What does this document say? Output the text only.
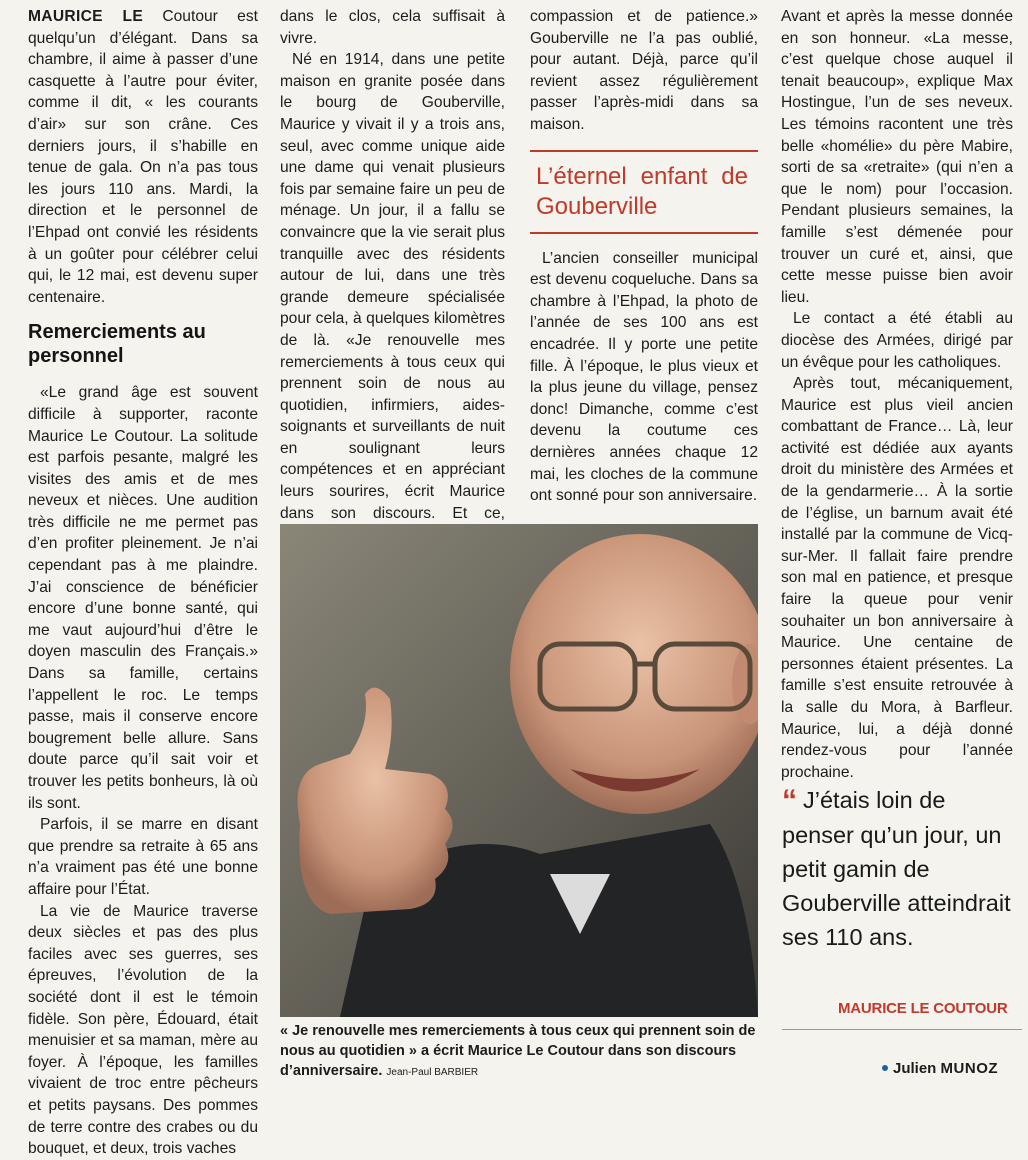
MAURICE LE Coutour est quelqu’un d’élégant. Dans sa chambre, il aime à passer d’une casquette à l’autre pour éviter, comme il dit, « les courants d’air» sur son crâne. Ces derniers jours, il s’habille en tenue de gala. On n’a pas tous les jours 110 ans. Mardi, la direction et le personnel de l’Ehpad ont convié les résidents à un goûter pour célébrer celui qui, le 12 mai, est devenu super centenaire.

Remerciements au personnel

«Le grand âge est souvent difficile à supporter, raconte Maurice Le Coutour. La solitude est parfois pesante, malgré les visites des amis et de mes neveux et nièces. Une audition très difficile ne me permet pas d’en profiter pleinement. Je n’ai cependant pas à me plaindre. J’ai conscience de bénéficier encore d’une bonne santé, qui me vaut aujourd’hui d’être le doyen masculin des Français.» Dans sa famille, certains l’appellent le roc. Le temps passe, mais il conserve encore bougrement belle allure. Sans doute parce qu’il sait voir et trouver les petits bonheurs, là où ils sont.

Parfois, il se marre en disant que prendre sa retraite à 65 ans n’a vraiment pas été une bonne affaire pour l’État.

La vie de Maurice traverse deux siècles et pas des plus faciles avec ses guerres, ses épreuves, l’évolution de la société dont il est le témoin fidèle. Son père, Édouard, était menuisier et sa maman, mère au foyer. À l’époque, les familles vivaient de troc entre pêcheurs et petits paysans. Des pommes de terre contre des crabes ou du bouquet, et deux, trois vaches

dans le clos, cela suffisait à vivre.

Né en 1914, dans une petite maison en granite posée dans le bourg de Gouberville, Maurice y vivait il y a trois ans, seul, avec comme unique aide une dame qui venait plusieurs fois par semaine faire un peu de ménage. Un jour, il a fallu se convaincre que la vie serait plus tranquille avec des résidents autour de lui, dans une très grande demeure spécialisée pour cela, à quelques kilomètres de là. «Je renouvelle mes remerciements à tous ceux qui prennent soin de nous au quotidien, infirmiers, aides-soignants et surveillants de nuit en soulignant leurs compétences et en appréciant leurs sourires, écrit Maurice dans son discours. Et ce,

compassion et de patience.» Gouberville ne l’a pas oublié, pour autant. Déjà, parce qu’il revient assez régulièrement passer l’après-midi dans sa maison.

L’éternel enfant de Gouberville

L’ancien conseiller municipal est devenu coqueluche. Dans sa chambre à l’Ehpad, la photo de l’année de ses 100 ans est encadrée. Il y porte une petite fille. À l’époque, le plus vieux et la plus jeune du village, pensez donc! Dimanche, comme c’est devenu la coutume ces dernières années chaque 12 mai, les cloches de la commune ont sonné pour son anniversaire.

Avant et après la messe donnée en son honneur. «La messe, c’est quelque chose auquel il tenait beaucoup», explique Max Hostingue, l’un de ses neveux. Les témoins racontent une très belle «homélie» du père Mabire, sorti de sa «retraite» (qui n’en a que le nom) pour l’occasion. Pendant plusieurs semaines, la famille s’est démenée pour trouver un curé et, ainsi, que cette messe puisse bien avoir lieu.

Le contact a été établi au diocèse des Armées, dirigé par un évêque pour les catholiques.

Après tout, mécaniquement, Maurice est plus vieil ancien combattant de France… Là, leur activité est dédiée aux ayants droit du ministère des Armées et de la gendarmerie… À la sortie de l’église, un barnum avait été installé par la commune de Vicq-sur-Mer. Il fallait faire prendre son mal en patience, et presque faire la queue pour venir souhaiter un bon anniversaire à Maurice. Une centaine de personnes étaient présentes. La famille s’est ensuite retrouvée à la salle du Mora, à Barfleur. Maurice, lui, a déjà donné rendez-vous pour l’année prochaine.

« Je renouvelle mes remerciements à tous ceux qui prennent soin de nous au quotidien » a écrit Maurice Le Coutour dans son discours d’anniversaire. Jean-Paul BARBIER
“ J’étais loin de penser qu’un jour, un petit gamin de Gouberville atteindrait ses 110 ans.
MAURICE LE COUTOUR
Julien MUNOZ
